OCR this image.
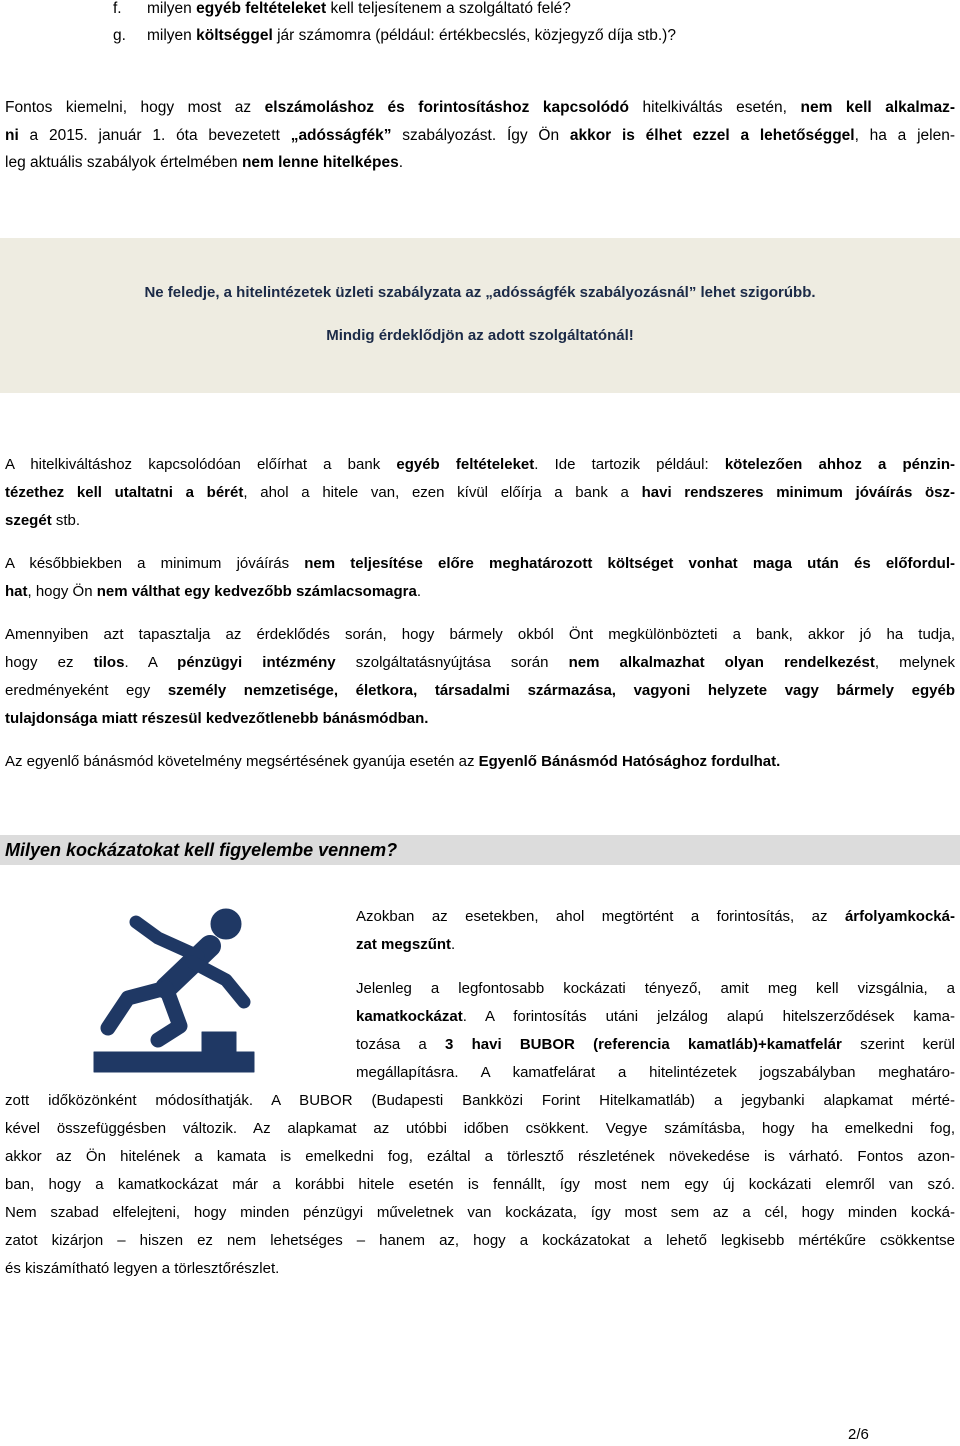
f. milyen egyéb feltételeket kell teljesítenem a szolgáltató felé?
g. milyen költséggel jár számomra (például: értékbecslés, közjegyző díja stb.)?
Fontos kiemelni, hogy most az elszámoláshoz és forintosításhoz kapcsolódó hitelkiváltás esetén, nem kell alkalmaz-
ni a 2015. január 1. óta bevezetett „adósságfék” szabályozást. Így Ön akkor is élhet ezzel a lehetőséggel, ha a jelen-
leg aktuális szabályok értelmében nem lenne hitelképes.
Ne feledje, a hitelintézetek üzleti szabályzata az „adósságfék szabályozásnál” lehet szigorúbb.
Mindig érdeklődjön az adott szolgáltatónál!
A hitelkiváltáshoz kapcsolódóan előírhat a bank egyéb feltételeket. Ide tartozik például: kötelezően ahhoz a pénzin-
tézethez kell utaltatni a bérét, ahol a hitele van, ezen kívül előírja a bank a havi rendszeres minimum jóváírás ösz-
szegét stb.
A későbbiekben a minimum jóváírás nem teljesítése előre meghatározott költséget vonhat maga után és előfordul-
hat, hogy Ön nem válthat egy kedvezőbb számlacsomagra.
Amennyiben azt tapasztalja az érdeklődés során, hogy bármely okból Önt megkülönbözteti a bank, akkor jó ha tudja,
hogy ez tilos. A pénzügyi intézmény szolgáltatásnyújtása során nem alkalmazhat olyan rendelkezést, melynek
eredményeként egy személy nemzetisége, életkora, társadalmi származása, vagyoni helyzete vagy bármely egyéb
tulajdonsága miatt részesül kedvezőtlenebb bánásmódban.
Az egyenlő bánásmód követelmény megsértésének gyanúja esetén az Egyenlő Bánásmód Hatósághoz fordulhat.
Milyen kockázatokat kell figyelembe vennem?
Azokban az esetekben, ahol megtörtént a forintosítás, az árfolyamkocká-
zat megszűnt.
Jelenleg a legfontosabb kockázati tényező, amit meg kell vizsgálnia, a
kamatkockázat. A forintosítás utáni jelzálog alapú hitelszerződések kama-
tozása a 3 havi BUBOR (referencia kamatláb)+kamatfelár szerint kerül
megállapításra. A kamatfelárat a hitelintézetek jogszabályban meghatáro-
zott időközönként módosíthatják. A BUBOR (Budapesti Bankközi Forint Hitelkamatláb) a jegybanki alapkamat mérté-
kével összefüggésben változik. Az alapkamat az utóbbi időben csökkent. Vegye számításba, hogy ha emelkedni fog,
akkor az Ön hitelének a kamata is emelkedni fog, ezáltal a törlesztő részletének növekedése is várható. Fontos azon-
ban, hogy a kamatkockázat már a korábbi hitele esetén is fennállt, így most nem egy új kockázati elemről van szó.
Nem szabad elfelejteni, hogy minden pénzügyi műveletnek van kockázata, így most sem az a cél, hogy minden kocká-
zatot kizárjon – hiszen ez nem lehetséges – hanem az, hogy a kockázatokat a lehető legkisebb mértékűre csökkentse
és kiszámítható legyen a törlesztőrészlet.
2/6
